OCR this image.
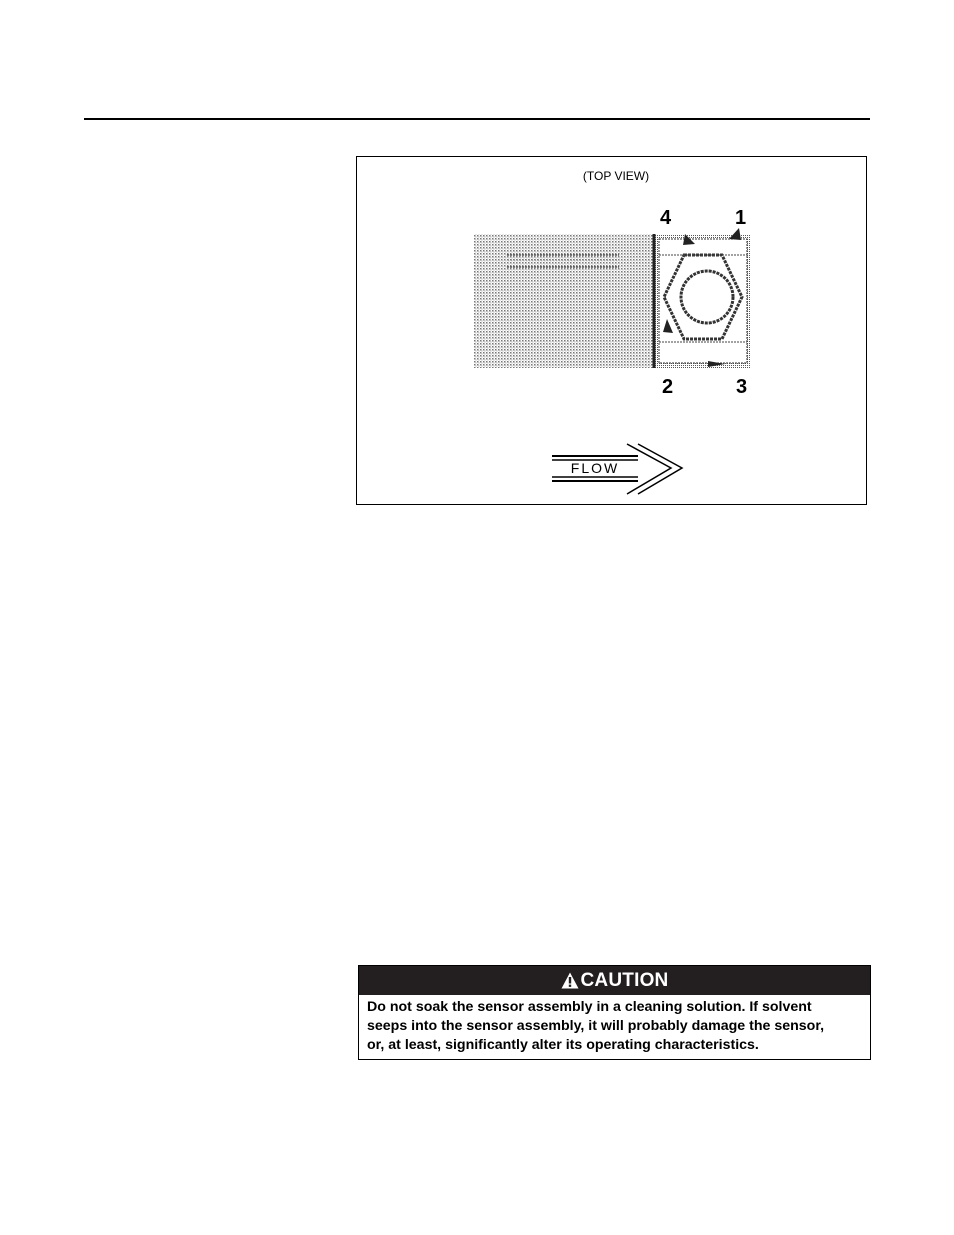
(TOP VIEW)
4	1
2	3
FLOW
CAUTION
Do not soak the sensor assembly in a cleaning solution. If solvent
seeps into the sensor assembly, it will probably damage the sensor,
or, at least, significantly alter its operating characteristics.
